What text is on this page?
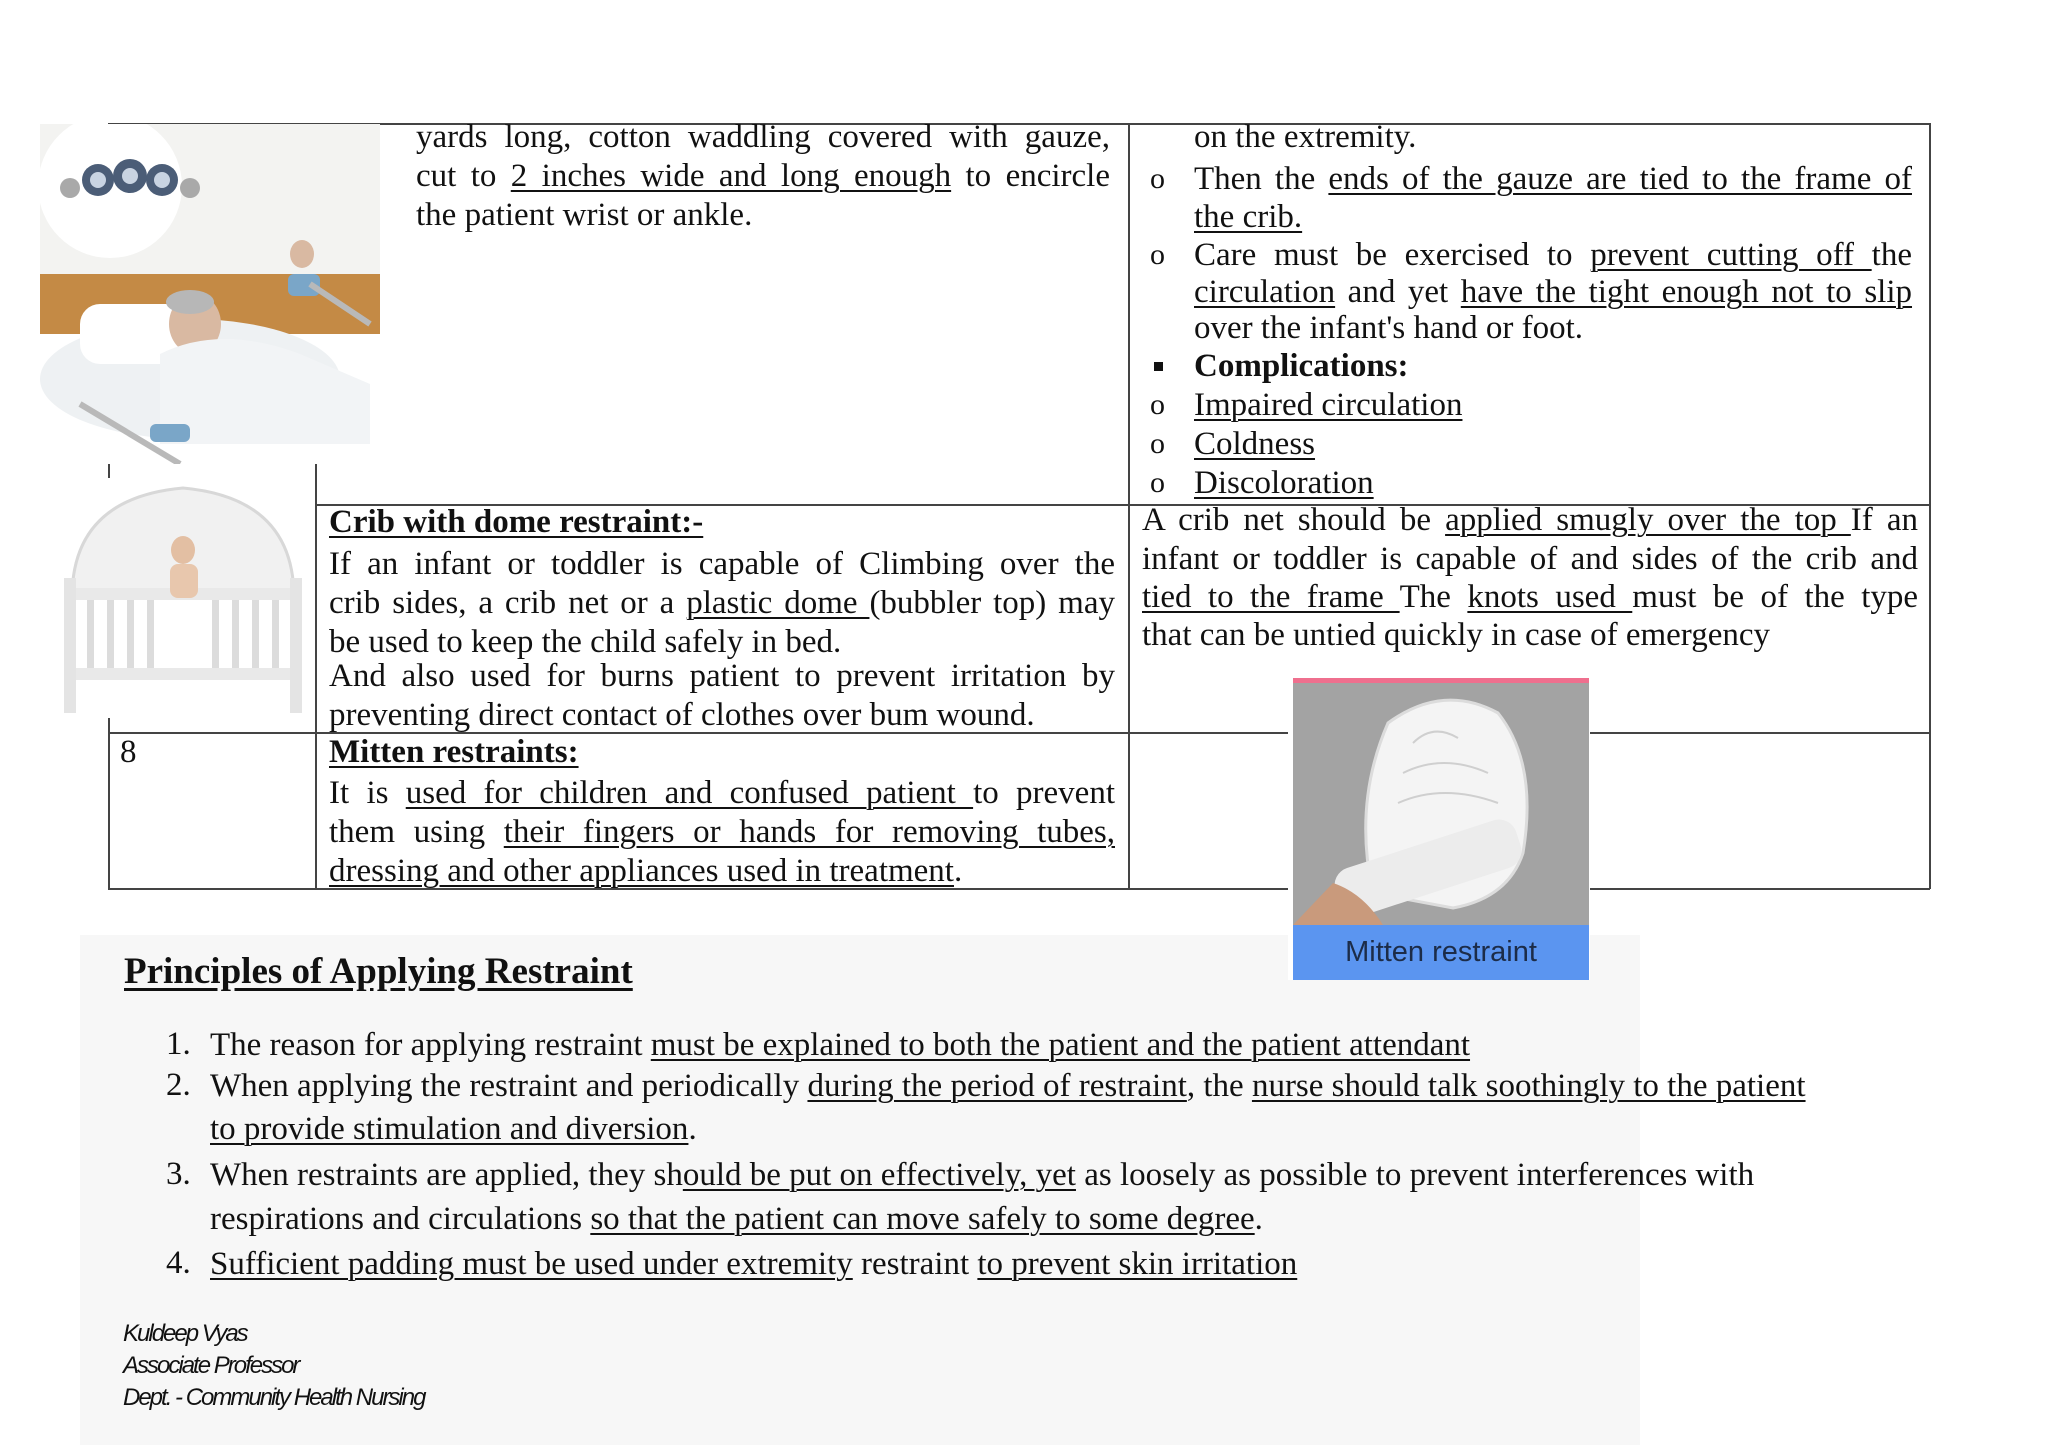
yards long, cotton waddling covered with gauze,
cut to 2 inches wide and long enough to encircle
the patient wrist or ankle.
on the extremity.
o Then the ends of the gauze are tied to the frame of
the crib.
o Care must be exercised to prevent cutting off the
circulation and yet have the tight enough not to slip
over the infant's hand or foot.
Complications:
o Impaired circulation
o Coldness
o Discoloration
Crib with dome restraint:-
If an infant or toddler is capable of Climbing over the
crib sides, a crib net or a plastic dome (bubbler top) may
be used to keep the child safely in bed.
And also used for burns patient to prevent irritation by
preventing direct contact of clothes over bum wound.
A crib net should be applied smugly over the top If an
infant or toddler is capable of and sides of the crib and
tied to the frame The knots used must be of the type
that can be untied quickly in case of emergency
8	Mitten restraints:
It is used for children and confused patient to prevent
them using their fingers or hands for removing tubes,
dressing and other appliances used in treatment.
Mitten restraint
Principles of Applying Restraint
1. The reason for applying restraint must be explained to both the patient and the patient attendant
2. When applying the restraint and periodically during the period of restraint, the nurse should talk soothingly to the patient
to provide stimulation and diversion.
3. When restraints are applied, they should be put on effectively, yet as loosely as possible to prevent interferences with
respirations and circulations so that the patient can move safely to some degree.
4. Sufficient padding must be used under extremity restraint to prevent skin irritation
Kuldeep Vyas
Associate Professor
Dept. - Community Health Nursing
